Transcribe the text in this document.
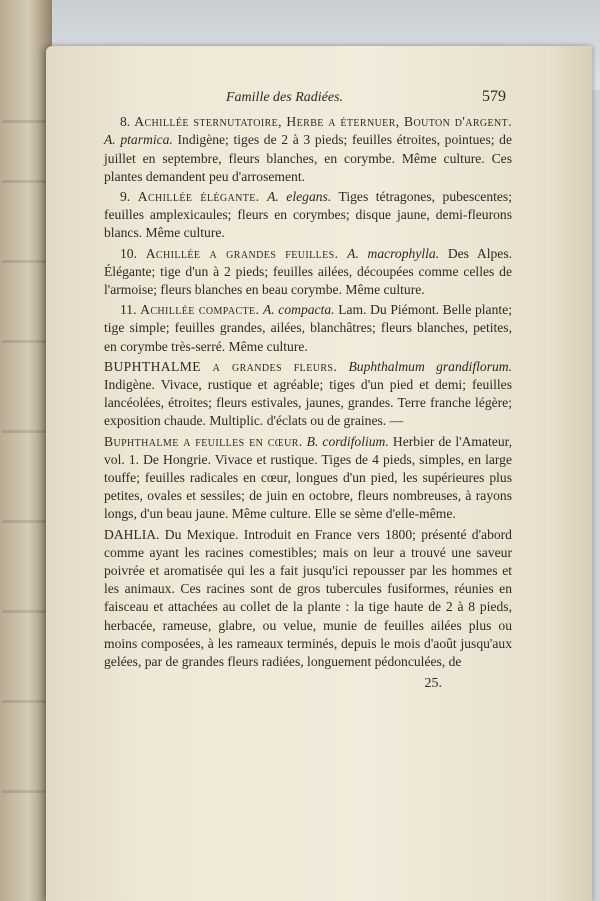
Famille des Radiées.	579

8. Achillée sternutatoire, Herbe a éternuer, Bouton d'argent. A. ptarmica. Indigène; tiges de 2 à 3 pieds; feuilles étroites, pointues; de juillet en septembre, fleurs blanches, en corymbe. Même culture. Ces plantes demandent peu d'arrosement.

9. Achillée élégante. A. elegans. Tiges tétragones, pubescentes; feuilles amplexicaules; fleurs en corymbes; disque jaune, demi-fleurons blancs. Même culture.

10. Achillée a grandes feuilles. A. macrophylla. Des Alpes. Élégante; tige d'un à 2 pieds; feuilles ailées, découpées comme celles de l'armoise; fleurs blanches en beau corymbe. Même culture.

11. Achillée compacte. A. compacta. Lam. Du Piémont. Belle plante; tige simple; feuilles grandes, ailées, blanchâtres; fleurs blanches, petites, en corymbe très-serré. Même culture.

BUPHTHALME a grandes fleurs. Buphthalmum grandiflorum. Indigène. Vivace, rustique et agréable; tiges d'un pied et demi; feuilles lancéolées, étroites; fleurs estivales, jaunes, grandes. Terre franche légère; exposition chaude. Multiplic. d'éclats ou de graines. —

Buphthalme a feuilles en cœur. B. cordifolium. Herbier de l'Amateur, vol. 1. De Hongrie. Vivace et rustique. Tiges de 4 pieds, simples, en large touffe; feuilles radicales en cœur, longues d'un pied, les supérieures plus petites, ovales et sessiles; de juin en octobre, fleurs nombreuses, à rayons longs, d'un beau jaune. Même culture. Elle se sème d'elle-même.

DAHLIA. Du Mexique. Introduit en France vers 1800; présenté d'abord comme ayant les racines comestibles; mais on leur a trouvé une saveur poivrée et aromatisée qui les a fait jusqu'ici repousser par les hommes et les animaux. Ces racines sont de gros tubercules fusiformes, réunies en faisceau et attachées au collet de la plante : la tige haute de 2 à 8 pieds, herbacée, rameuse, glabre, ou velue, munie de feuilles ailées plus ou moins composées, à les rameaux terminés, depuis le mois d'août jusqu'aux gelées, par de grandes fleurs radiées, longuement pédonculées, de

25.
